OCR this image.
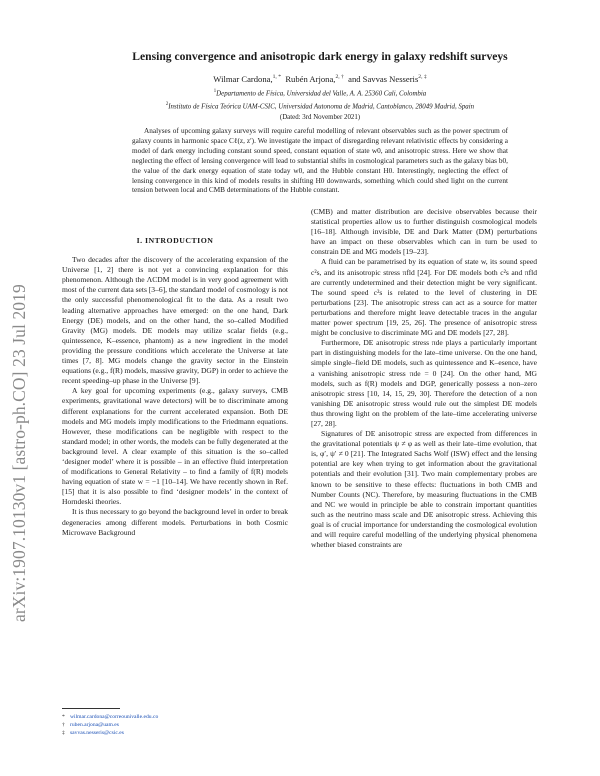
arXiv:1907.10130v1 [astro-ph.CO] 23 Jul 2019
Lensing convergence and anisotropic dark energy in galaxy redshift surveys
Wilmar Cardona,$^{1, *}$ Rubén Arjona,$^{2, \dagger}$ and Savvas Nesseris$^{2, \ddagger}$
$^1$Departamento de Física, Universidad del Valle, A. A. 25360 Cali, Colombia
$^2$Instituto de Física Teórica UAM-CSIC, Universidad Autonoma de Madrid, Cantoblanco, 28049 Madrid, Spain
(Dated: 3rd November 2021)

Analyses of upcoming galaxy surveys will require careful modelling of relevant observables such as the power spectrum of galaxy counts in harmonic space Cℓ(z, z′). We investigate the impact of disregarding relevant relativistic effects by considering a model of dark energy including constant sound speed, constant equation of state w0, and anisotropic stress. Here we show that neglecting the effect of lensing convergence will lead to substantial shifts in cosmological parameters such as the galaxy bias b0, the value of the dark energy equation of state today w0, and the Hubble constant H0. Interestingly, neglecting the effect of lensing convergence in this kind of models results in shifting H0 downwards, something which could shed light on the current tension between local and CMB determinations of the Hubble constant.

I. INTRODUCTION

Two decades after the discovery of the accelerating expansion of the Universe [1, 2] there is not yet a convincing explanation for this phenomenon. Although the ΛCDM model is in very good agreement with most of the current data sets [3–6], the standard model of cosmology is not the only successful phenomenological fit to the data. As a result two leading alternative approaches have emerged: on the one hand, Dark Energy (DE) models, and on the other hand, the so–called Modified Gravity (MG) models. DE models may utilize scalar fields (e.g., quintessence, K–essence, phantom) as a new ingredient in the model providing the pressure conditions which accelerate the Universe at late times [7, 8]. MG models change the gravity sector in the Einstein equations (e.g., f(R) models, massive gravity, DGP) in order to achieve the recent speeding–up phase in the Universe [9].

A key goal for upcoming experiments (e.g., galaxy surveys, CMB experiments, gravitational wave detectors) will be to discriminate among different explanations for the current accelerated expansion. Both DE models and MG models imply modifications to the Friedmann equations. However, these modifications can be negligible with respect to the standard model; in other words, the models can be fully degenerated at the background level. A clear example of this situation is the so–called ‘designer model’ where it is possible – in an effective fluid interpretation of modifications to General Relativity – to find a family of f(R) models having equation of state w = −1 [10–14]. We have recently shown in Ref. [15] that it is also possible to find ‘designer models’ in the context of Horndeski theories.

It is thus necessary to go beyond the background level in order to break degeneracies among different models. Perturbations in both Cosmic Microwave Background

(CMB) and matter distribution are decisive observables because their statistical properties allow us to further distinguish cosmological models [16–18]. Although invisible, DE and Dark Matter (DM) perturbations have an impact on these observables which can in turn be used to constrain DE and MG models [19–23].

A fluid can be parametrised by its equation of state w, its sound speed c²s, and its anisotropic stress πfld [24]. For DE models both c²s and πfld are currently undetermined and their detection might be very significant. The sound speed c²s is related to the level of clustering in DE perturbations [23]. The anisotropic stress can act as a source for matter perturbations and therefore might leave detectable traces in the angular matter power spectrum [19, 25, 26]. The presence of anisotropic stress might be conclusive to discriminate MG and DE models [27, 28].

Furthermore, DE anisotropic stress πde plays a particularly important part in distinguishing models for the late–time universe. On the one hand, simple single–field DE models, such as quintessence and K–esence, have a vanishing anisotropic stress πde = 0 [24]. On the other hand, MG models, such as f(R) models and DGP, generically possess a non–zero anisotropic stress [10, 14, 15, 29, 30]. Therefore the detection of a non vanishing DE anisotropic stress would rule out the simplest DE models thus throwing light on the problem of the late–time accelerating universe [27, 28].

Signatures of DE anisotropic stress are expected from differences in the gravitational potentials ψ ≠ φ as well as their late–time evolution, that is, φ′, ψ′ ≠ 0 [21]. The Integrated Sachs Wolf (ISW) effect and the lensing potential are key when trying to get information about the gravitational potentials and their evolution [31]. Two main complementary probes are known to be sensitive to these effects: fluctuations in both CMB and Number Counts (NC). Therefore, by measuring fluctuations in the CMB and NC we would in principle be able to constrain important quantities such as the neutrino mass scale and DE anisotropic stress. Achieving this goal is of crucial importance for understanding the cosmological evolution and will require careful modelling of the underlying physical phenomena whether biased constraints are

* wilmar.cardona@correounivalle.edu.co
† ruben.arjona@uam.es
‡ savvas.nesseris@csic.es
